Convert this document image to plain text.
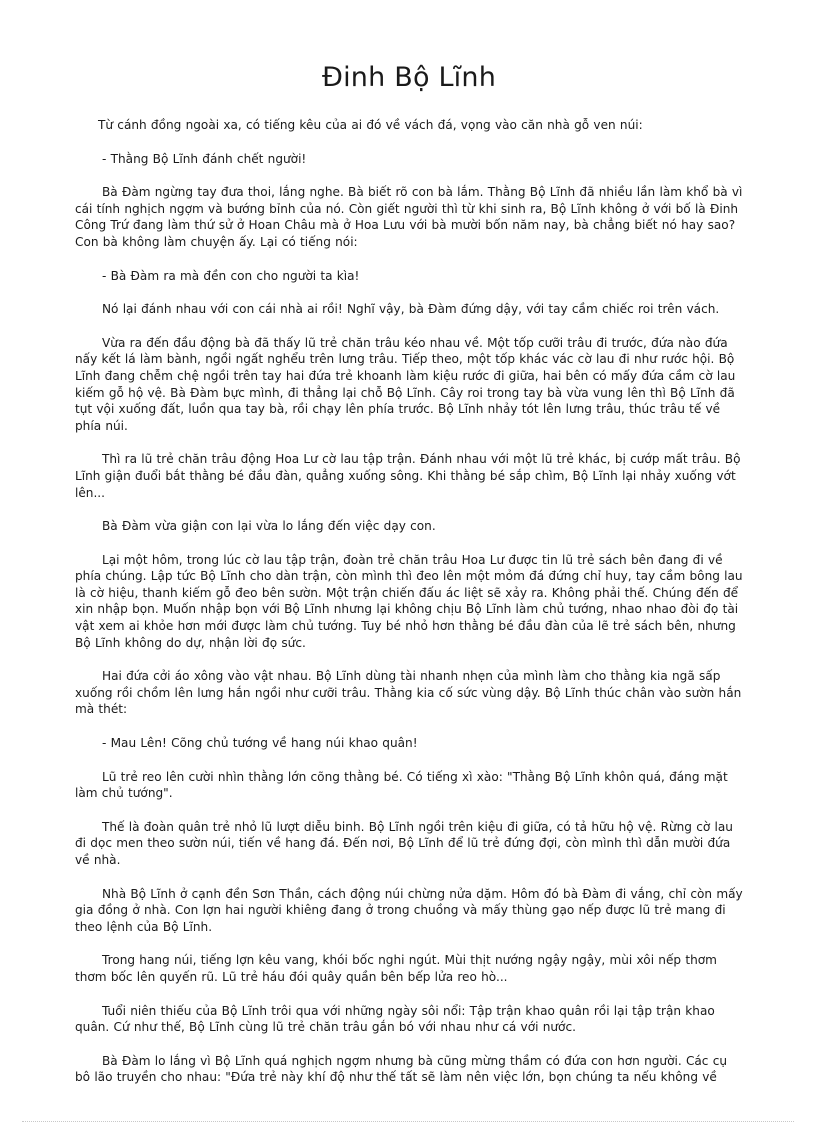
Đinh Bộ Lĩnh

Từ cánh đồng ngoài xa, có tiếng kêu của ai đó về vách đá, vọng vào căn nhà gỗ ven núi:

- Thằng Bộ Lĩnh đánh chết người!

Bà Đàm ngừng tay đưa thoi, lắng nghe. Bà biết rõ con bà lắm. Thằng Bộ Lĩnh đã nhiều lần làm khổ bà vì cái tính nghịch ngợm và bướng bỉnh của nó. Còn giết người thì từ khi sinh ra, Bộ Lĩnh không ở với bố là Đinh Công Trứ đang làm thứ sử ở Hoan Châu mà ở Hoa Lưu với bà mười bốn năm nay, bà chẳng biết nó hay sao? Con bà không làm chuyện ấy. Lại có tiếng nói:

- Bà Đàm ra mà đền con cho người ta kìa!

Nó lại đánh nhau với con cái nhà ai rồi! Nghĩ vậy, bà Đàm đứng dậy, với tay cầm chiếc roi trên vách.

Vừa ra đến đầu động bà đã thấy lũ trẻ chăn trâu kéo nhau về. Một tốp cưỡi trâu đi trước, đứa nào đứa nấy kết lá làm bành, ngồi ngất nghểu trên lưng trâu. Tiếp theo, một tốp khác vác cờ lau đi như rước hội. Bộ Lĩnh đang chễm chệ ngồi trên tay hai đứa trẻ khoanh làm kiệu rước đi giữa, hai bên có mấy đứa cầm cờ lau kiếm gỗ hộ vệ. Bà Đàm bực mình, đi thẳng lại chỗ Bộ Lĩnh. Cây roi trong tay bà vừa vung lên thì Bộ Lĩnh đã tụt vội xuống đất, luồn qua tay bà, rồi chạy lên phía trước. Bộ Lĩnh nhảy tót lên lưng trâu, thúc trâu tế về phía núi.

Thì ra lũ trẻ chăn trâu động Hoa Lư cờ lau tập trận. Đánh nhau với một lũ trẻ khác, bị cướp mất trâu. Bộ Lĩnh giận đuổi bắt thằng bé đầu đàn, quẳng xuống sông. Khi thằng bé sắp chìm, Bộ Lĩnh lại nhảy xuống vớt lên...

Bà Đàm vừa giận con lại vừa lo lắng đến việc dạy con.

Lại một hôm, trong lúc cờ lau tập trận, đoàn trẻ chăn trâu Hoa Lư được tin lũ trẻ sách bên đang đi về phía chúng. Lập tức Bộ Lĩnh cho dàn trận, còn mình thì đeo lên một mỏm đá đứng chỉ huy, tay cầm bông lau là cờ hiệu, thanh kiếm gỗ đeo bên sườn. Một trận chiến đấu ác liệt sẽ xảy ra. Không phải thế. Chúng đến để xin nhập bọn. Muốn nhập bọn với Bộ Lĩnh nhưng lại không chịu Bộ Lĩnh làm chủ tướng, nhao nhao đòi đọ tài vật xem ai khỏe hơn mới được làm chủ tướng. Tuy bé nhỏ hơn thằng bé đầu đàn của lẽ trẻ sách bên, nhưng Bộ Lĩnh không do dự, nhận lời đọ sức.

Hai đứa cởi áo xông vào vật nhau. Bộ Lĩnh dùng tài nhanh nhẹn của mình làm cho thằng kia ngã sấp xuống rồi chồm lên lưng hắn ngồi như cưỡi trâu. Thằng kia cố sức vùng dậy. Bộ Lĩnh thúc chân vào sườn hắn mà thét:

- Mau Lên! Cõng chủ tướng về hang núi khao quân!

Lũ trẻ reo lên cười nhìn thằng lớn cõng thằng bé. Có tiếng xì xào: "Thằng Bộ Lĩnh khôn quá, đáng mặt làm chủ tướng".

Thế là đoàn quân trẻ nhỏ lũ lượt diễu binh. Bộ Lĩnh ngồi trên kiệu đi giữa, có tả hữu hộ vệ. Rừng cờ lau đi dọc men theo sườn núi, tiến về hang đá. Đến nơi, Bộ Lĩnh để lũ trẻ đứng đợi, còn mình thì dẫn mười đứa về nhà.

Nhà Bộ Lĩnh ở cạnh đền Sơn Thần, cách động núi chừng nửa dặm. Hôm đó bà Đàm đi vắng, chỉ còn mấy gia đồng ở nhà. Con lợn hai người khiêng đang ở trong chuồng và mấy thùng gạo nếp được lũ trẻ mang đi theo lệnh của Bộ Lĩnh.

Trong hang núi, tiếng lợn kêu vang, khói bốc nghi ngút. Mùi thịt nướng ngậy ngậy, mùi xôi nếp thơm thơm bốc lên quyến rũ. Lũ trẻ háu đói quây quần bên bếp lửa reo hò...

Tuổi niên thiếu của Bộ Lĩnh trôi qua với những ngày sôi nổi: Tập trận khao quân rồi lại tập trận khao quân. Cứ như thế, Bộ Lĩnh cùng lũ trẻ chăn trâu gắn bó với nhau như cá với nước.

Bà Đàm lo lắng vì Bộ Lĩnh quá nghịch ngợm nhưng bà cũng mừng thầm có đứa con hơn người. Các cụ bô lão truyền cho nhau: "Đứa trẻ này khí độ như thế tất sẽ làm nên việc lớn, bọn chúng ta nếu không về
